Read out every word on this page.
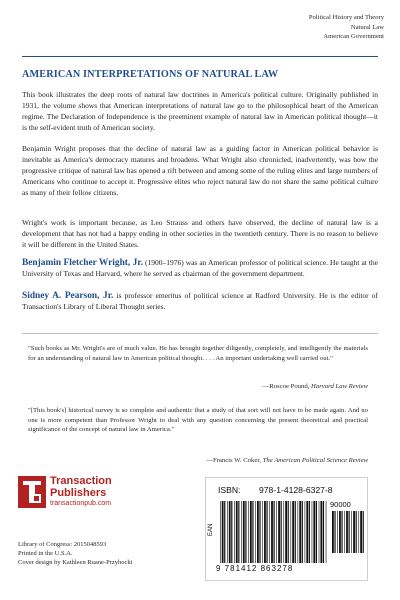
Political History and Theory
Natural Law
American Government
AMERICAN INTERPRETATIONS OF NATURAL LAW
This book illustrates the deep roots of natural law doctrines in America's political culture. Originally published in 1931, the volume shows that American interpretations of natural law go to the philosophical heart of the American regime. The Declaration of Independence is the preeminent example of natural law in American political thought—it is the self-evident truth of American society.
Benjamin Wright proposes that the decline of natural law as a guiding factor in American political behavior is inevitable as America's democracy matures and broadens. What Wright also chronicled, inadvertently, was how the progressive critique of natural law has opened a rift between and among some of the ruling elites and large numbers of Americans who continue to accept it. Progressive elites who reject natural law do not share the same political culture as many of their fellow citizens.
Wright's work is important because, as Leo Strauss and others have observed, the decline of natural law is a development that has not had a happy ending in other societies in the twentieth century. There is no reason to believe it will be different in the United States.
Benjamin Fletcher Wright, Jr. (1900–1976) was an American professor of political science. He taught at the University of Texas and Harvard, where he served as chairman of the government department.
Sidney A. Pearson, Jr. is professor emeritus of political science at Radford University. He is the editor of Transaction's Library of Liberal Thought series.
"Such books as Mr. Wright's are of much value. He has brought together diligently, completely, and intelligently the materials for an understanding of natural law in American political thought. . . . An important undertaking well carried out."
—Roscoe Pound, Harvard Law Review
"[This book's] historical survey is so complete and authentic that a study of that sort will not have to be made again. And no one is more competent than Professor Wright to deal with any question concerning the present theoretical and practical significance of the concept of natural law in America."
—Francis W. Coker, The American Political Science Review
Transaction
Publishers
transactionpub.com
Library of Congress: 2015048593
Printed in the U.S.A.
Cover design by Kathleen Ruane-Przyhocki
ISBN: 978-1-4128-6327-8
EAN
90000
9 781412 863278
